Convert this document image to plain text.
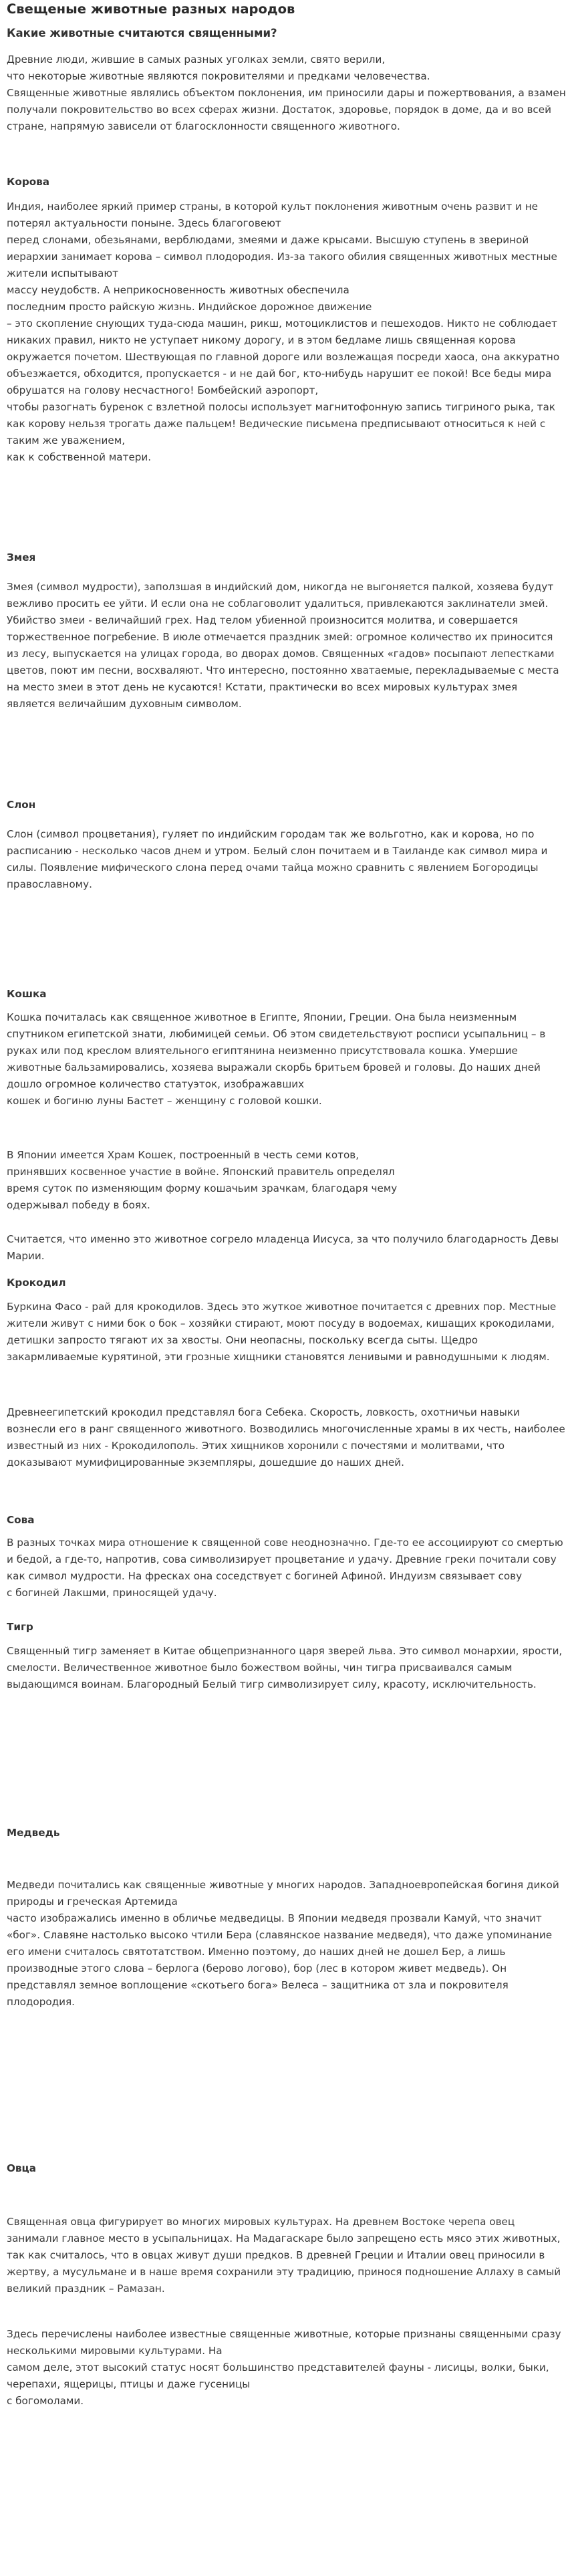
Свещеные животные разных народов
Какие животные считаются священными?

Древние люди, жившие в самых разных уголках земли, свято верили,
что некоторые животные являются покровителями и предками человечества.
Священные животные являлись объектом поклонения, им приносили дары и пожертвования, а взамен получали покровительство во всех сферах жизни. Достаток, здоровье, порядок в доме, да и во всей стране, напрямую зависели от благосклонности священного животного.

Корова

Индия, наиболее яркий пример страны, в которой культ поклонения животным очень развит и не потерял актуальности поныне. Здесь благоговеют
перед слонами, обезьянами, верблюдами, змеями и даже крысами. Высшую ступень в звериной иерархии занимает корова – символ плодородия. Из-за такого обилия священных животных местные жители испытывают
массу неудобств. А неприкосновенность животных обеспечила
последним просто райскую жизнь. Индийское дорожное движение
– это скопление снующих туда-сюда машин, рикш, мотоциклистов и пешеходов. Никто не соблюдает никаких правил, никто не уступает никому дорогу, и в этом бедламе лишь священная корова окружается почетом. Шествующая по главной дороге или возлежащая посреди хаоса, она аккуратно объезжается, обходится, пропускается - и не дай бог, кто-нибудь нарушит ее покой! Все беды мира обрушатся на голову несчастного! Бомбейский аэропорт,
чтобы разогнать буренок с взлетной полосы использует магнитофонную запись тигриного рыка, так как корову нельзя трогать даже пальцем! Ведические письмена предписывают относиться к ней с таким же уважением,
как к собственной матери.

Змея

Змея (символ мудрости), заползшая в индийский дом, никогда не выгоняется палкой, хозяева будут вежливо просить ее уйти. И если она не соблаговолит удалиться, привлекаются заклинатели змей. Убийство змеи - величайший грех. Над телом убиенной произносится молитва, и совершается торжественное погребение. В июле отмечается праздник змей: огромное количество их приносится из лесу, выпускается на улицах города, во дворах домов. Священных «гадов» посыпают лепестками цветов, поют им песни, восхваляют. Что интересно, постоянно хватаемые, перекладываемые с места на место змеи в этот день не кусаются! Кстати, практически во всех мировых культурах змея является величайшим духовным символом.

Слон

Слон (символ процветания), гуляет по индийским городам так же вольготно, как и корова, но по расписанию - несколько часов днем и утром. Белый слон почитаем и в Таиланде как символ мира и силы. Появление мифического слона перед очами тайца можно сравнить с явлением Богородицы православному.

Кошка

Кошка почиталась как священное животное в Египте, Японии, Греции. Она была неизменным спутником египетской знати, любимицей семьи. Об этом свидетельствуют росписи усыпальниц – в руках или под креслом влиятельного египтянина неизменно присутствовала кошка. Умершие животные бальзамировались, хозяева выражали скорбь бритьем бровей и головы. До наших дней дошло огромное количество статуэток, изображавших
кошек и богиню луны Бастет – женщину с головой кошки.

В Японии имеется Храм Кошек, построенный в честь семи котов,
принявших косвенное участие в войне. Японский правитель определял
время суток по изменяющим форму кошачьим зрачкам, благодаря чему
одержывал победу в боях.

Считается, что именно это животное согрело младенца Иисуса, за что получило благодарность Девы Марии.

Крокодил

Буркина Фасо - рай для крокодилов. Здесь это жуткое животное почитается с древних пор. Местные жители живут с ними бок о бок – хозяйки стирают, моют посуду в водоемах, кишащих крокодилами, детишки запросто тягают их за хвосты. Они неопасны, поскольку всегда сыты. Щедро закармливаемые курятиной, эти грозные хищники становятся ленивыми и равнодушными к людям.

Древнеегипетский крокодил представлял бога Себека. Скорость, ловкость, охотничьи навыки вознесли его в ранг священного животного. Возводились многочисленные храмы в их честь, наиболее известный из них - Крокодилополь. Этих хищников хоронили с почестями и молитвами, что доказывают мумифицированные экземпляры, дошедшие до наших дней.

Сова

В разных точках мира отношение к священной сове неоднозначно. Где-то ее ассоциируют со смертью и бедой, а где-то, напротив, сова символизирует процветание и удачу. Древние греки почитали сову как символ мудрости. На фресках она соседствует с богиней Афиной. Индуизм связывает сову
с богиней Лакшми, приносящей удачу.

Тигр

Священный тигр заменяет в Китае общепризнанного царя зверей льва. Это символ монархии, ярости, смелости. Величественное животное было божеством войны, чин тигра присваивался самым выдающимся воинам. Благородный Белый тигр символизирует силу, красоту, исключительность.

Медведь

Медведи почитались как священные животные у многих народов. Западноевропейская богиня дикой природы и греческая Артемида
часто изображались именно в обличье медведицы. В Японии медведя прозвали Камуй, что значит «бог». Славяне настолько высоко чтили Бера (славянское название медведя), что даже упоминание его имени считалось святотатством. Именно поэтому, до наших дней не дошел Бер, а лишь производные этого слова – берлога (берово логово), бор (лес в котором живет медведь). Он представлял земное воплощение «скотьего бога» Велеса – защитника от зла и покровителя плодородия.

Овца

Священная овца фигурирует во многих мировых культурах. На древнем Востоке черепа овец занимали главное место в усыпальницах. На Мадагаскаре было запрещено есть мясо этих животных, так как считалось, что в овцах живут души предков. В древней Греции и Италии овец приносили в жертву, а мусульмане и в наше время сохранили эту традицию, принося подношение Аллаху в самый великий праздник – Рамазан.

Здесь перечислены наиболее известные священные животные, которые признаны священными сразу несколькими мировыми культурами. На
самом деле, этот высокий статус носят большинство представителей фауны - лисицы, волки, быки, черепахи, ящерицы, птицы и даже гусеницы
с богомолами.
